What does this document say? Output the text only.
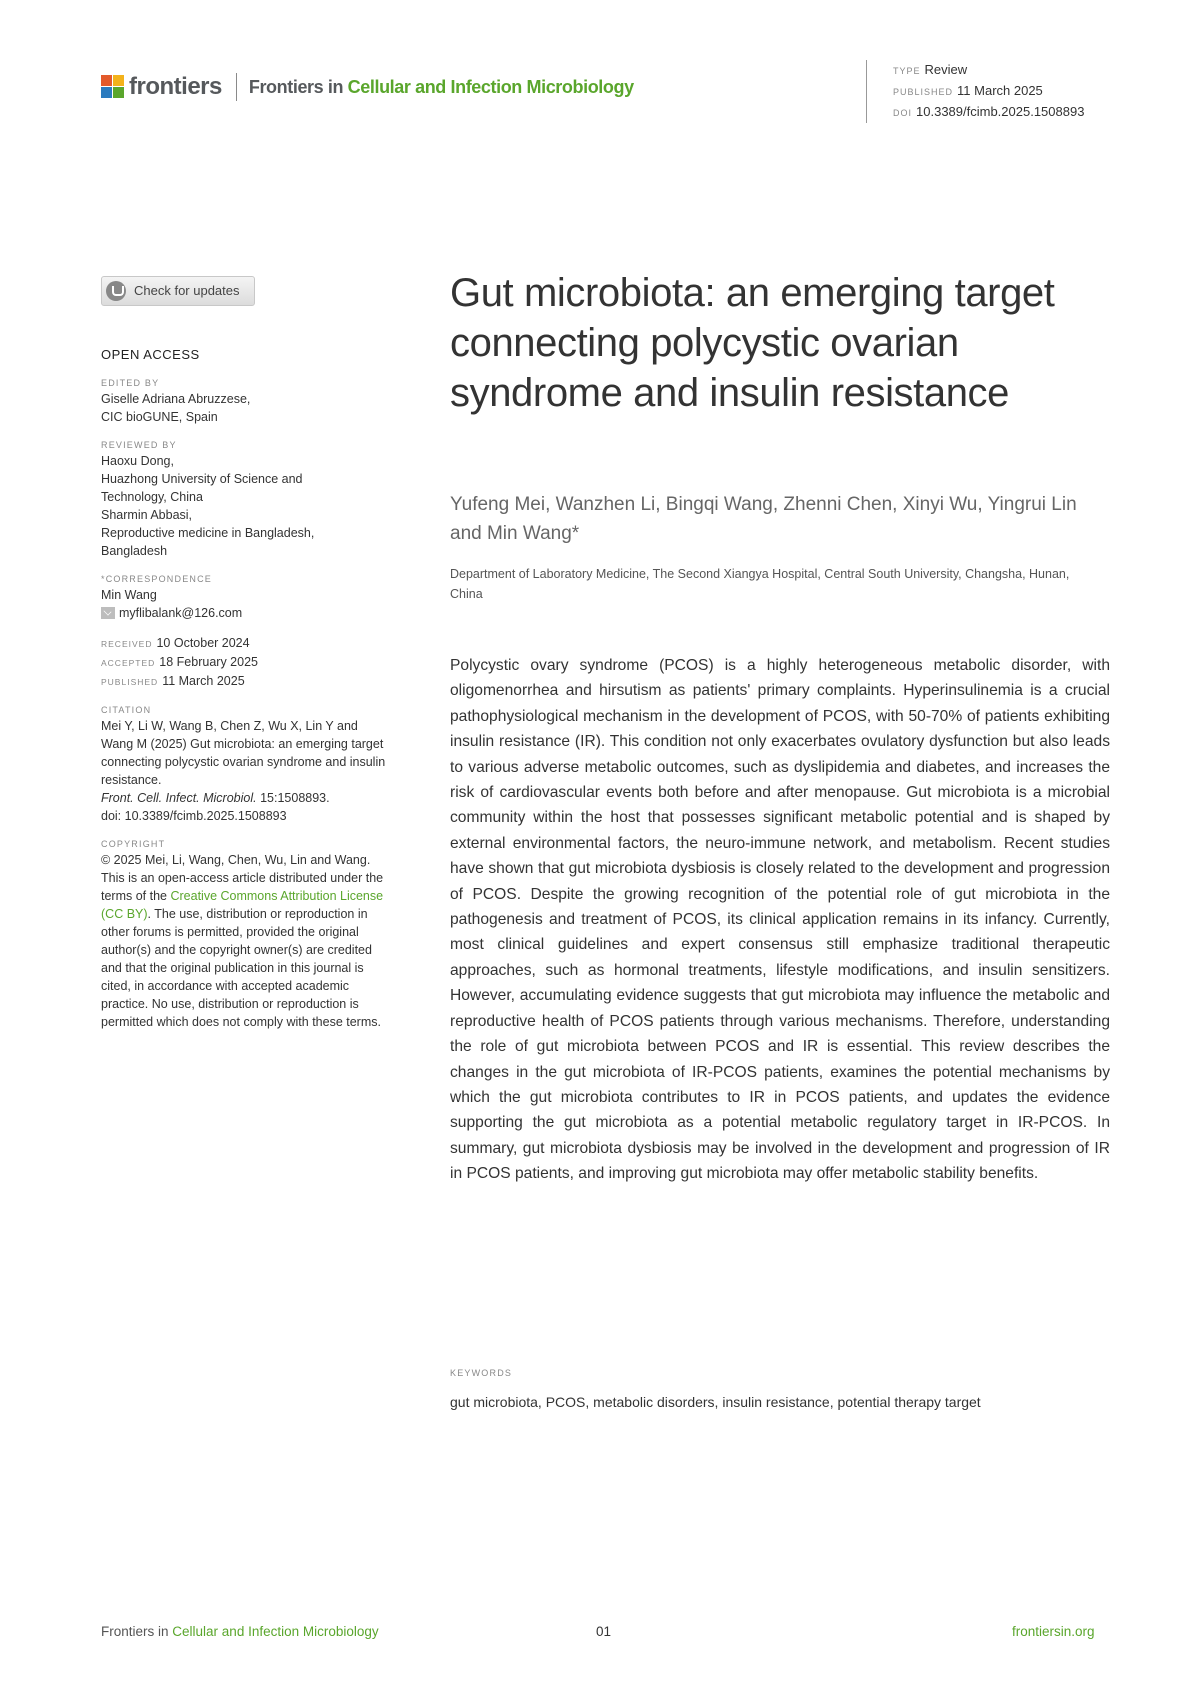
frontiers Frontiers in Cellular and Infection Microbiology
TYPE Review
PUBLISHED 11 March 2025
DOI 10.3389/fcimb.2025.1508893
Check for updates
OPEN ACCESS
EDITED BY
Giselle Adriana Abruzzese,
CIC bioGUNE, Spain
REVIEWED BY
Haoxu Dong,
Huazhong University of Science and
Technology, China
Sharmin Abbasi,
Reproductive medicine in Bangladesh,
Bangladesh
*CORRESPONDENCE
Min Wang
myflibalank@126.com
RECEIVED 10 October 2024
ACCEPTED 18 February 2025
PUBLISHED 11 March 2025
CITATION
Mei Y, Li W, Wang B, Chen Z, Wu X, Lin Y and Wang M (2025) Gut microbiota: an emerging target connecting polycystic ovarian syndrome and insulin resistance.
Front. Cell. Infect. Microbiol. 15:1508893.
doi: 10.3389/fcimb.2025.1508893
COPYRIGHT
© 2025 Mei, Li, Wang, Chen, Wu, Lin and Wang. This is an open-access article distributed under the terms of the Creative Commons Attribution License (CC BY). The use, distribution or reproduction in other forums is permitted, provided the original author(s) and the copyright owner(s) are credited and that the original publication in this journal is cited, in accordance with accepted academic practice. No use, distribution or reproduction is permitted which does not comply with these terms.
Gut microbiota: an emerging target connecting polycystic ovarian syndrome and insulin resistance
Yufeng Mei, Wanzhen Li, Bingqi Wang, Zhenni Chen, Xinyi Wu, Yingrui Lin and Min Wang*
Department of Laboratory Medicine, The Second Xiangya Hospital, Central South University, Changsha, Hunan, China

Polycystic ovary syndrome (PCOS) is a highly heterogeneous metabolic disorder, with oligomenorrhea and hirsutism as patients' primary complaints. Hyperinsulinemia is a crucial pathophysiological mechanism in the development of PCOS, with 50-70% of patients exhibiting insulin resistance (IR). This condition not only exacerbates ovulatory dysfunction but also leads to various adverse metabolic outcomes, such as dyslipidemia and diabetes, and increases the risk of cardiovascular events both before and after menopause. Gut microbiota is a microbial community within the host that possesses significant metabolic potential and is shaped by external environmental factors, the neuro-immune network, and metabolism. Recent studies have shown that gut microbiota dysbiosis is closely related to the development and progression of PCOS. Despite the growing recognition of the potential role of gut microbiota in the pathogenesis and treatment of PCOS, its clinical application remains in its infancy. Currently, most clinical guidelines and expert consensus still emphasize traditional therapeutic approaches, such as hormonal treatments, lifestyle modifications, and insulin sensitizers. However, accumulating evidence suggests that gut microbiota may influence the metabolic and reproductive health of PCOS patients through various mechanisms. Therefore, understanding the role of gut microbiota between PCOS and IR is essential. This review describes the changes in the gut microbiota of IR-PCOS patients, examines the potential mechanisms by which the gut microbiota contributes to IR in PCOS patients, and updates the evidence supporting the gut microbiota as a potential metabolic regulatory target in IR-PCOS. In summary, gut microbiota dysbiosis may be involved in the development and progression of IR in PCOS patients, and improving gut microbiota may offer metabolic stability benefits.

KEYWORDS
gut microbiota, PCOS, metabolic disorders, insulin resistance, potential therapy target
Frontiers in Cellular and Infection Microbiology	01	frontiersin.org
